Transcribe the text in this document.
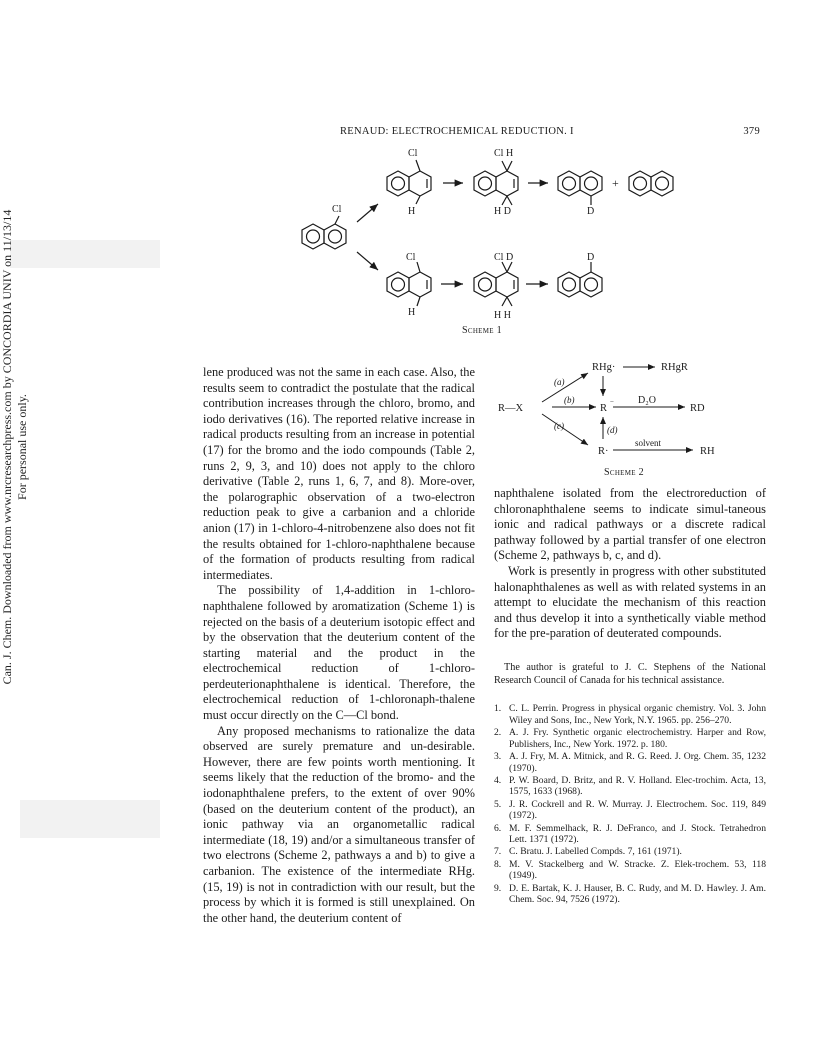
RENAUD: ELECTROCHEMICAL REDUCTION. I	379
Can. J. Chem. Downloaded from www.nrcresearchpress.com by CONCORDIA UNIV on 11/13/14 For personal use only.
Cl
Cl
H
Cl H
H D	D
+
Cl
H
Cl D
H H
D
Scheme 1
R—X
RHg·	RHgR
(a)
(b)
(c)	(d)
R
− D₂O
RD
R·
solvent
RH
Scheme 2

lene produced was not the same in each case. Also, the results seem to contradict the postulate that the radical contribution increases through the chloro, bromo, and iodo derivatives (16). The reported relative increase in radical products resulting from an increase in potential (17) for the bromo and the iodo compounds (Table 2, runs 2, 9, 3, and 10) does not apply to the chloro derivative (Table 2, runs 1, 6, 7, and 8). More-over, the polarographic observation of a two-electron reduction peak to give a carbanion and a chloride anion (17) in 1-chloro-4-nitrobenzene also does not fit the results obtained for 1-chloro-naphthalene because of the formation of products resulting from radical intermediates.

The possibility of 1,4-addition in 1-chloro-naphthalene followed by aromatization (Scheme 1) is rejected on the basis of a deuterium isotopic effect and by the observation that the deuterium content of the starting material and the product in the electrochemical reduction of 1-chloro-perdeuterionaphthalene is identical. Therefore, the electrochemical reduction of 1-chloronaph-thalene must occur directly on the C—Cl bond.

Any proposed mechanisms to rationalize the data observed are surely premature and un-desirable. However, there are few points worth mentioning. It seems likely that the reduction of the bromo- and the iodonaphthalene prefers, to the extent of over 90% (based on the deuterium content of the product), an ionic pathway via an organometallic radical intermediate (18, 19) and/or a simultaneous transfer of two electrons (Scheme 2, pathways a and b) to give a carbanion. The existence of the intermediate RHg. (15, 19) is not in contradiction with our result, but the process by which it is formed is still unexplained. On the other hand, the deuterium content of

naphthalene isolated from the electroreduction of chloronaphthalene seems to indicate simul-taneous ionic and radical pathways or a discrete radical pathway followed by a partial transfer of one electron (Scheme 2, pathways b, c, and d).

Work is presently in progress with other substituted halonaphthalenes as well as with related systems in an attempt to elucidate the mechanism of this reaction and thus develop it into a synthetically viable method for the pre-paration of deuterated compounds.

The author is grateful to J. C. Stephens of the National Research Council of Canada for his technical assistance.
1. C. L. Perrin. Progress in physical organic chemistry. Vol. 3. John Wiley and Sons, Inc., New York, N.Y. 1965. pp. 256–270.
2. A. J. Fry. Synthetic organic electrochemistry. Harper and Row, Publishers, Inc., New York. 1972. p. 180.
3. A. J. Fry, M. A. Mitnick, and R. G. Reed. J. Org. Chem. 35, 1232 (1970).
4. P. W. Board, D. Britz, and R. V. Holland. Elec-trochim. Acta, 13, 1575, 1633 (1968).
5. J. R. Cockrell and R. W. Murray. J. Electrochem. Soc. 119, 849 (1972).
6. M. F. Semmelhack, R. J. DeFranco, and J. Stock. Tetrahedron Lett. 1371 (1972).
7. C. Bratu. J. Labelled Compds. 7, 161 (1971).
8. M. V. Stackelberg and W. Stracke. Z. Elek-trochem. 53, 118 (1949).
9. D. E. Bartak, K. J. Hauser, B. C. Rudy, and M. D. Hawley. J. Am. Chem. Soc. 94, 7526 (1972).
